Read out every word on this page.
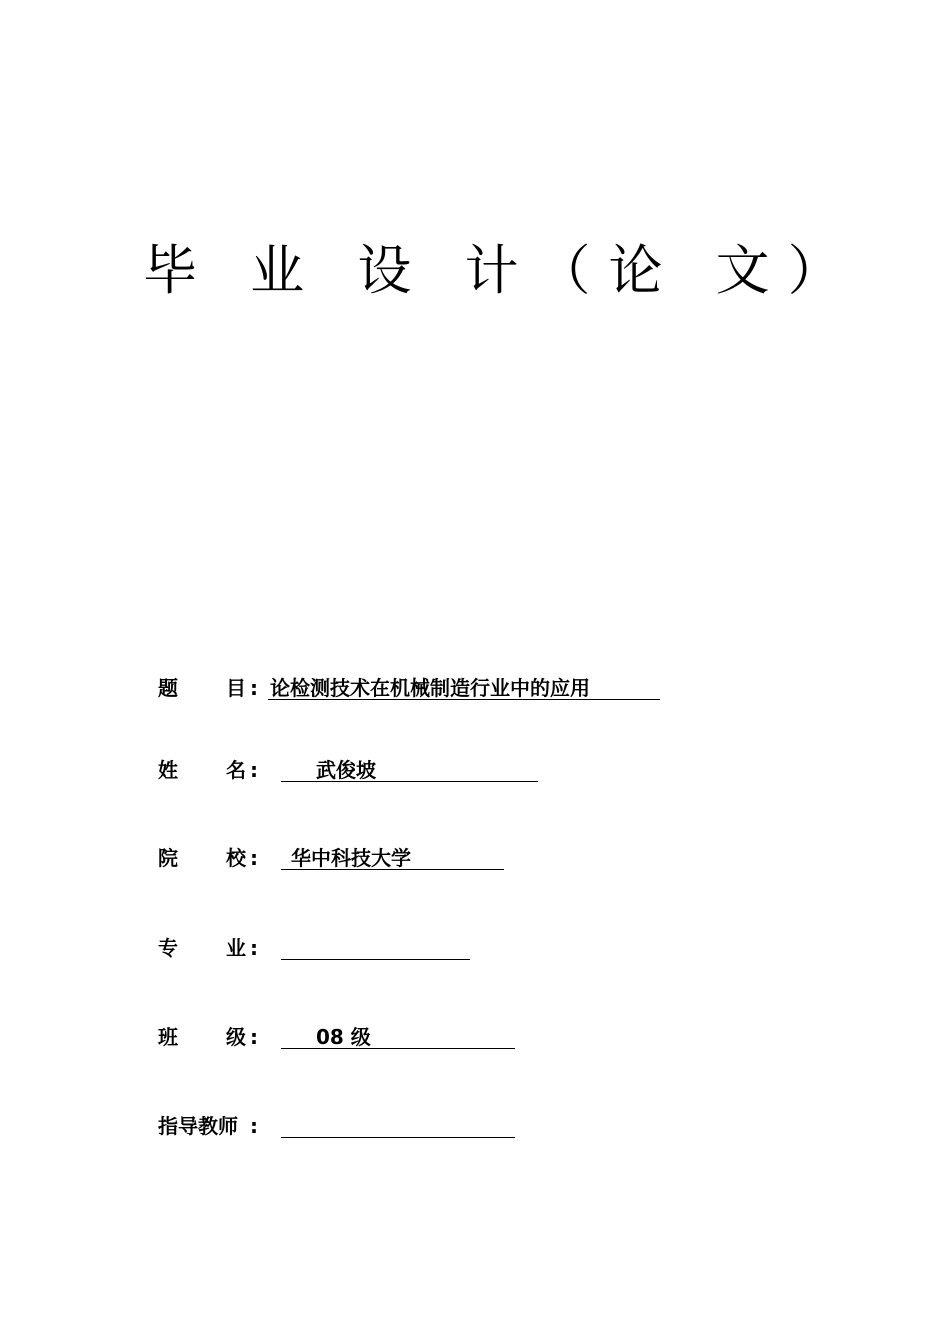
毕 业 设 计（论 文）
题 目 : 论检测技术在机械制造行业中的应用
姓 名 :	武俊坡
院 校 : 华中科技大学
专 业 :
班 级 :	08 级
指导教师 :
